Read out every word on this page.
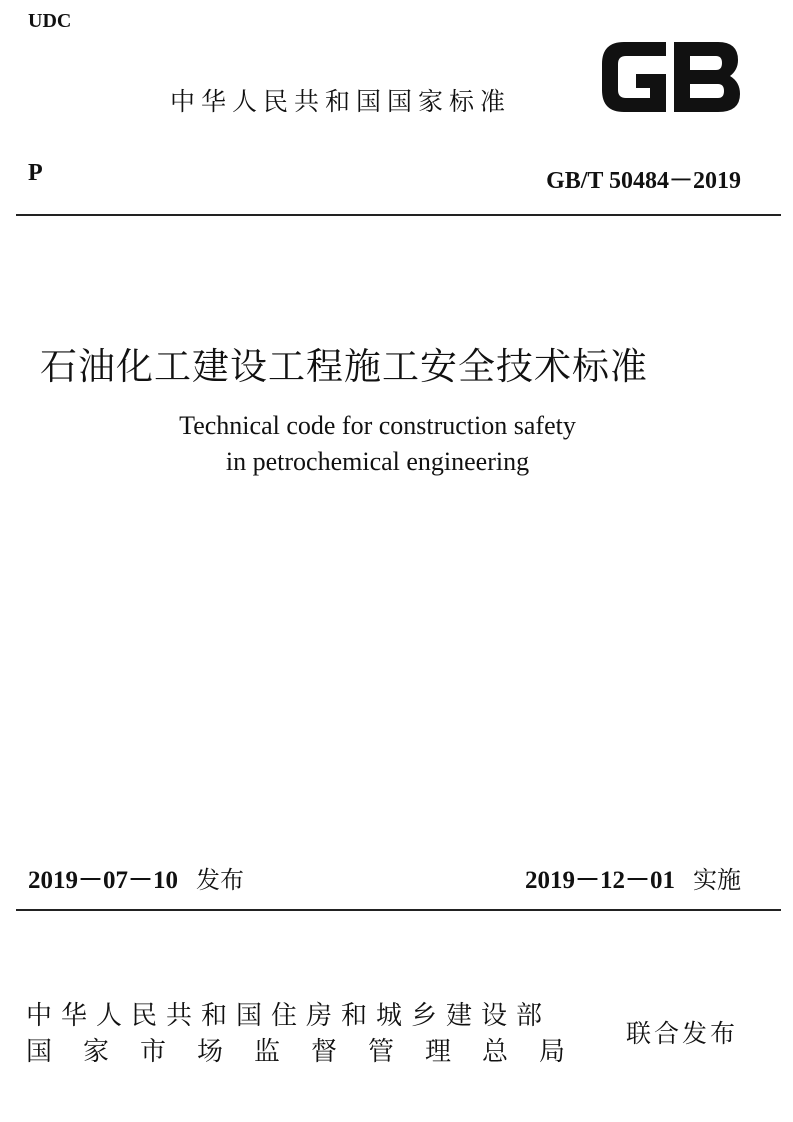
UDC
中华人民共和国国家标准
P	GB/T 50484－2019
石油化工建设工程施工安全技术标准
Technical code for construction safety
in petrochemical engineering
2019－07－10 发布	2019－12－01 实施
中华人民共和国住房和城乡建设部
国家市场监督管理总局
联合发布
